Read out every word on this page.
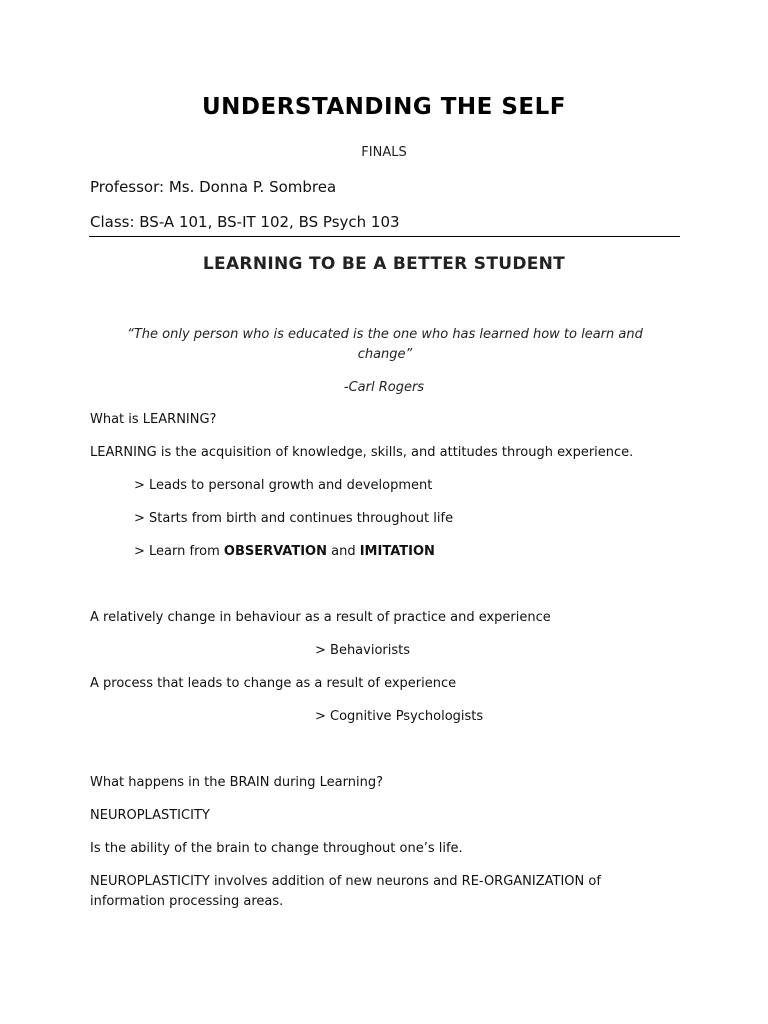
UNDERSTANDING THE SELF
FINALS
Professor: Ms. Donna P. Sombrea
Class: BS-A 101, BS-IT 102, BS Psych 103
LEARNING TO BE A BETTER STUDENT

“The only person who is educated is the one who has learned how to learn and change”

-Carl Rogers
What is LEARNING?
LEARNING is the acquisition of knowledge, skills, and attitudes through experience.
> Leads to personal growth and development
> Starts from birth and continues throughout life
> Learn from OBSERVATION and IMITATION
A relatively change in behaviour as a result of practice and experience
> Behaviorists
A process that leads to change as a result of experience
> Cognitive Psychologists
What happens in the BRAIN during Learning?
NEUROPLASTICITY
Is the ability of the brain to change throughout one’s life.

NEUROPLASTICITY involves addition of new neurons and RE-ORGANIZATION of information processing areas.
